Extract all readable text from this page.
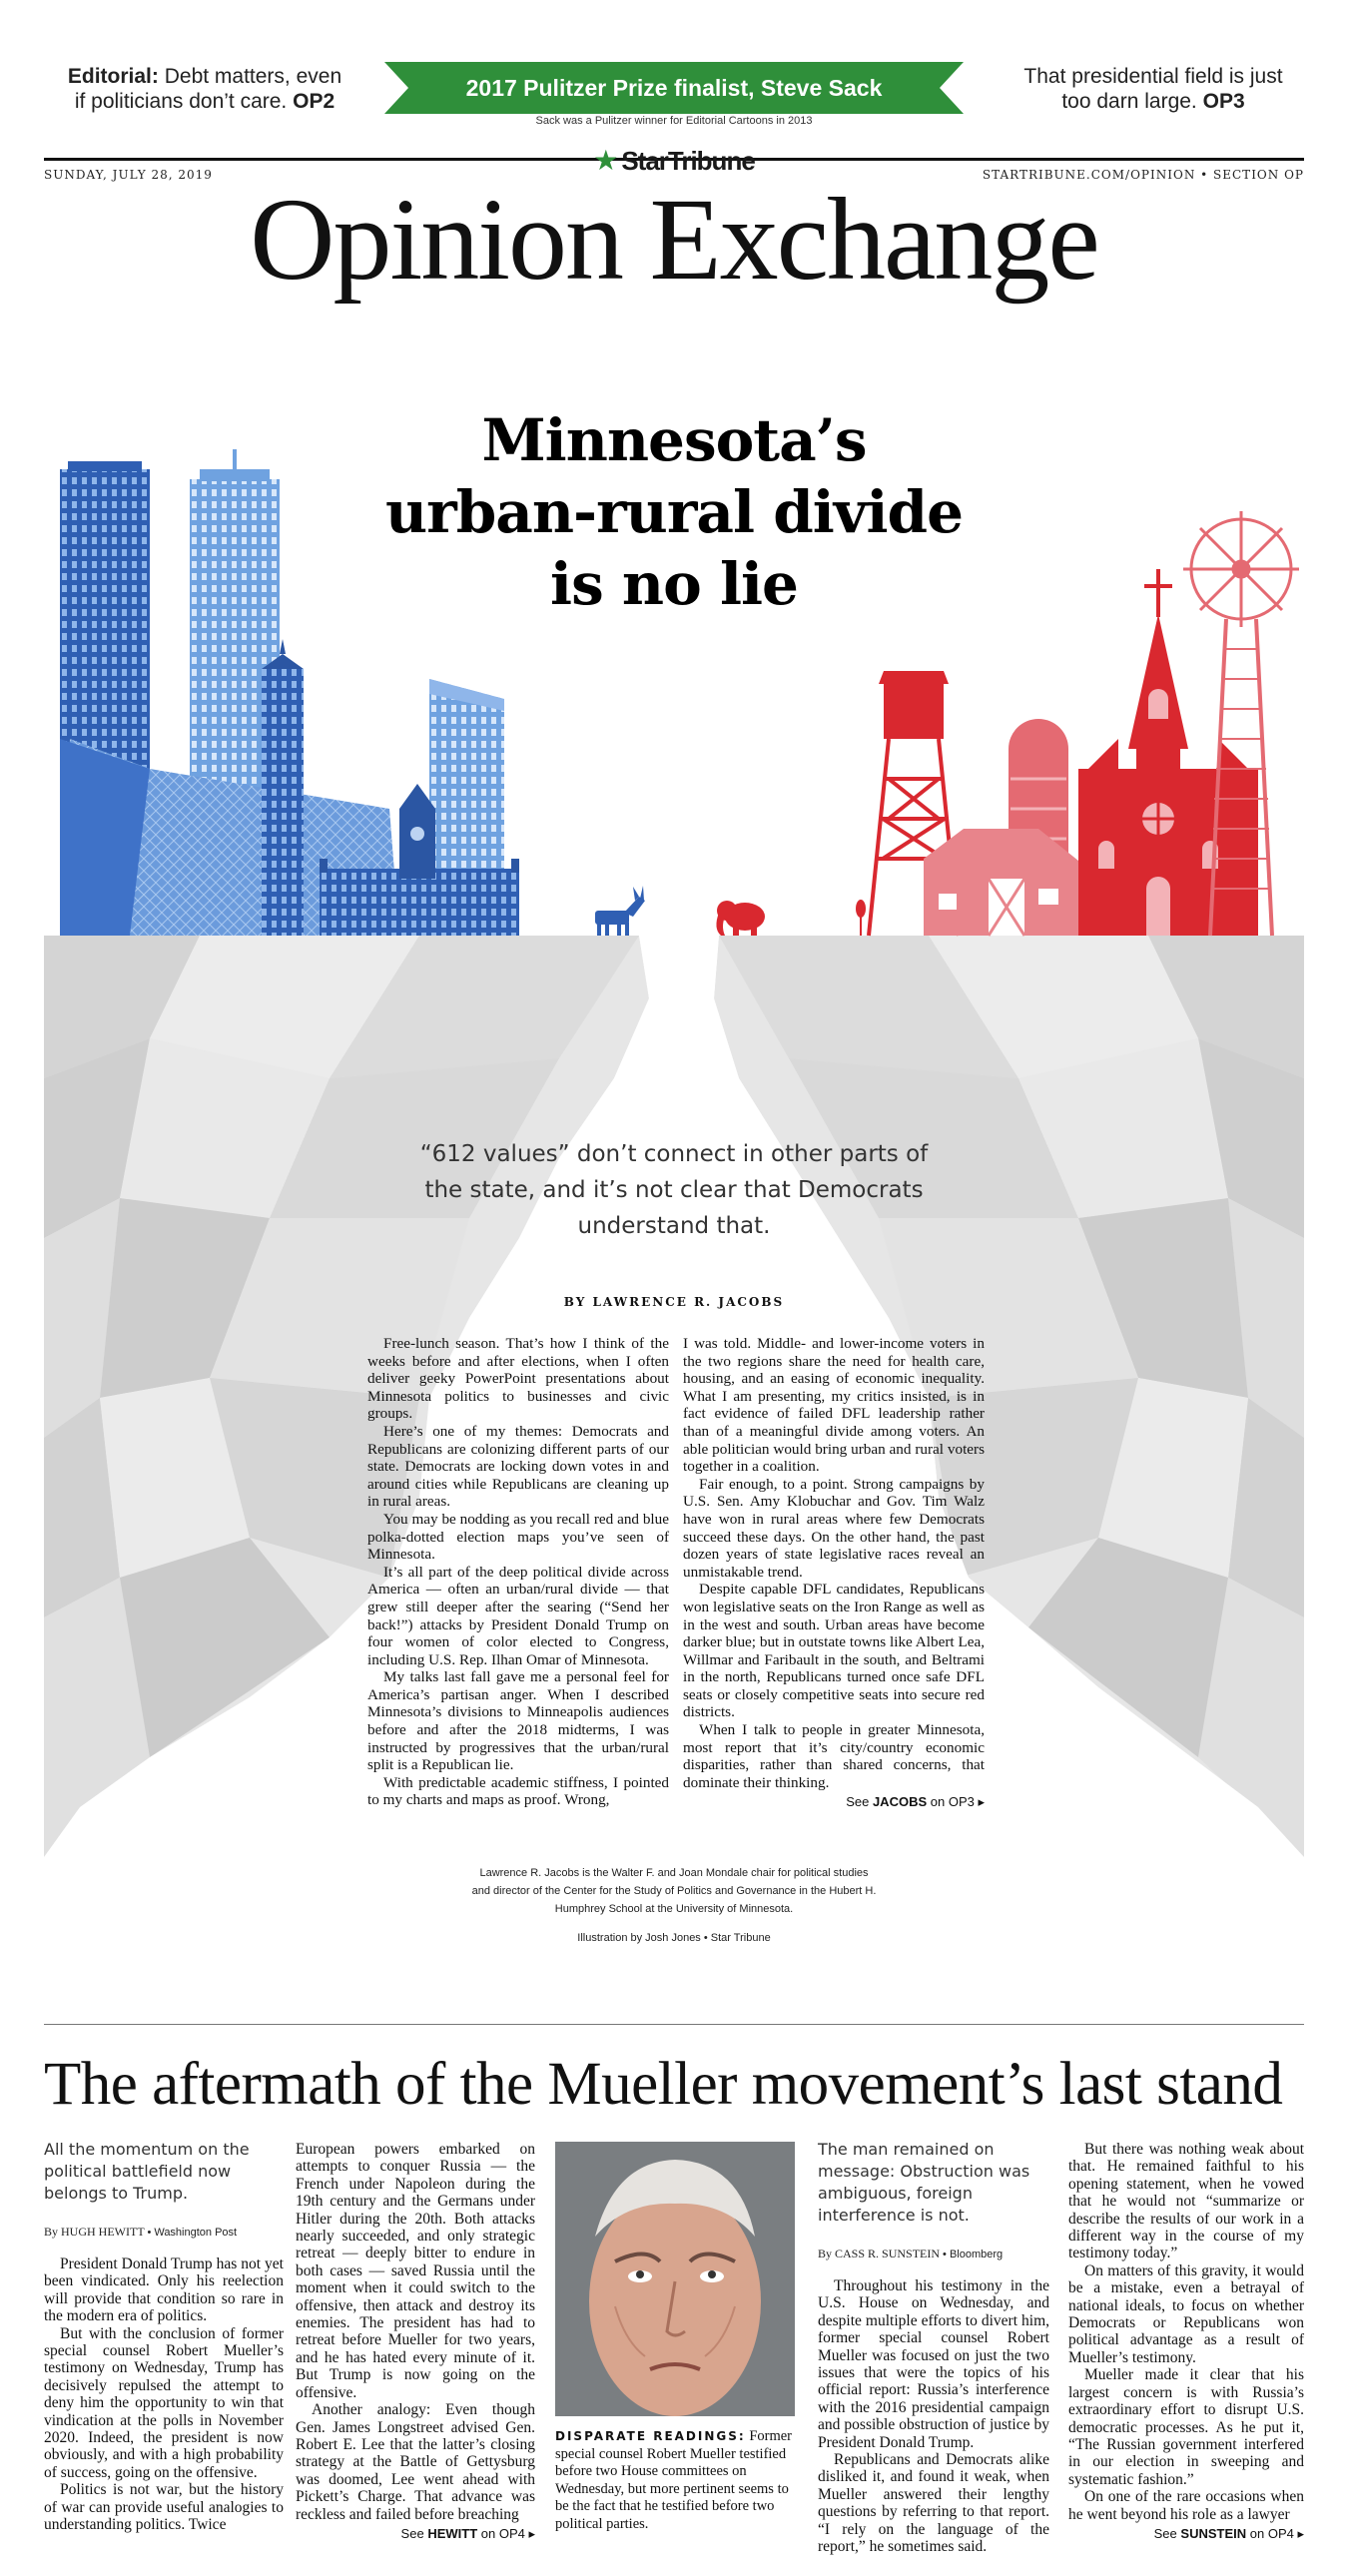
Editorial: Debt matters, even if politicians don’t care. OP2
2017 Pulitzer Prize finalist, Steve Sack
Sack was a Pulitzer winner for Editorial Cartoons in 2013
That presidential field is just too darn large. OP3
SUNDAY, JULY 28, 2019	★ StarTribune	STARTRIBUNE.COM/OPINION • SECTION OP
Opinion Exchange
Minnesota’s
urban-rural divide
is no lie
“612 values” don’t connect in other parts of the state, and it’s not clear that Democrats understand that.
BY LAWRENCE R. JACOBS

Free-lunch season. That’s how I think of the weeks before and after elections, when I often deliver geeky PowerPoint presentations about Minnesota politics to businesses and civic groups.

Here’s one of my themes: Democrats and Republicans are colonizing different parts of our state. Democrats are locking down votes in and around cities while Republicans are cleaning up in rural areas.

You may be nodding as you recall red and blue polka-dotted election maps you’ve seen of Minnesota.

It’s all part of the deep political divide across America — often an urban/rural divide — that grew still deeper after the searing (“Send her back!”) attacks by President Donald Trump on four women of color elected to Congress, including U.S. Rep. Ilhan Omar of Minnesota.

My talks last fall gave me a personal feel for America’s partisan anger. When I described Minnesota’s divisions to Minneapolis audiences before and after the 2018 midterms, I was instructed by progressives that the urban/rural split is a Republican lie.

With predictable academic stiffness, I pointed to my charts and maps as proof. Wrong,

I was told. Middle- and lower-income voters in the two regions share the need for health care, housing, and an easing of economic inequality. What I am presenting, my critics insisted, is in fact evidence of failed DFL leadership rather than of a meaningful divide among voters. An able politician would bring urban and rural voters together in a coalition.

Fair enough, to a point. Strong campaigns by U.S. Sen. Amy Klobuchar and Gov. Tim Walz have won in rural areas where few Democrats succeed these days. On the other hand, the past dozen years of state legislative races reveal an unmistakable trend.

Despite capable DFL candidates, Republicans won legislative seats on the Iron Range as well as in the west and south. Urban areas have become darker blue; but in outstate towns like Albert Lea, Willmar and Faribault in the south, and Beltrami in the north, Republicans turned once safe DFL seats or closely competitive seats into secure red districts.

When I talk to people in greater Minnesota, most report that it’s city/country economic disparities, rather than shared concerns, that dominate their thinking.

See JACOBS on OP3 ▸
Lawrence R. Jacobs is the Walter F. and Joan Mondale chair for political studies and director of the Center for the Study of Politics and Governance in the Hubert H. Humphrey School at the University of Minnesota.
Illustration by Josh Jones • Star Tribune
The aftermath of the Mueller movement’s last stand
All the momentum on the political battlefield now belongs to Trump.
By HUGH HEWITT • Washington Post

President Donald Trump has not yet been vindicated. Only his reelection will provide that condition so rare in the modern era of politics.

But with the conclusion of former special counsel Robert Mueller’s testimony on Wednesday, Trump has decisively repulsed the attempt to deny him the opportunity to win that vindication at the polls in November 2020. Indeed, the president is now obviously, and with a high probability of success, going on the offensive.

Politics is not war, but the history of war can provide useful analogies to understanding politics. Twice

European powers embarked on attempts to conquer Russia — the French under Napoleon during the 19th century and the Germans under Hitler during the 20th. Both attacks nearly succeeded, and only strategic retreat — deeply bitter to endure in both cases — saved Russia until the moment when it could switch to the offensive, then attack and destroy its enemies. The president has had to retreat before Mueller for two years, and he has hated every minute of it. But Trump is now going on the offensive.

Another analogy: Even though Gen. James Longstreet advised Gen. Robert E. Lee that the latter’s closing strategy at the Battle of Gettysburg was doomed, Lee went ahead with Pickett’s Charge. That advance was reckless and failed before breaching

See HEWITT on OP4 ▸
DISPARATE READINGS: Former special counsel Robert Mueller testified before two House committees on Wednesday, but more pertinent seems to be the fact that he testified before two political parties.
The man remained on message: Obstruction was ambiguous, foreign interference is not.
By CASS R. SUNSTEIN • Bloomberg

Throughout his testimony in the U.S. House on Wednesday, and despite multiple efforts to divert him, former special counsel Robert Mueller was focused on just the two issues that were the topics of his official report: Russia’s interference with the 2016 presidential campaign and possible obstruction of justice by President Donald Trump.

Republicans and Democrats alike disliked it, and found it weak, when Mueller answered their lengthy questions by referring to that report. “I rely on the language of the report,” he sometimes said.

But there was nothing weak about that. He remained faithful to his opening statement, when he vowed that he would not “summarize or describe the results of our work in a different way in the course of my testimony today.”

On matters of this gravity, it would be a mistake, even a betrayal of national ideals, to focus on whether Democrats or Republicans won political advantage as a result of Mueller’s testimony.

Mueller made it clear that his largest concern is with Russia’s extraordinary effort to disrupt U.S. democratic processes. As he put it, “The Russian government interfered in our election in sweeping and systematic fashion.”

On one of the rare occasions when he went beyond his role as a lawyer

See SUNSTEIN on OP4 ▸
